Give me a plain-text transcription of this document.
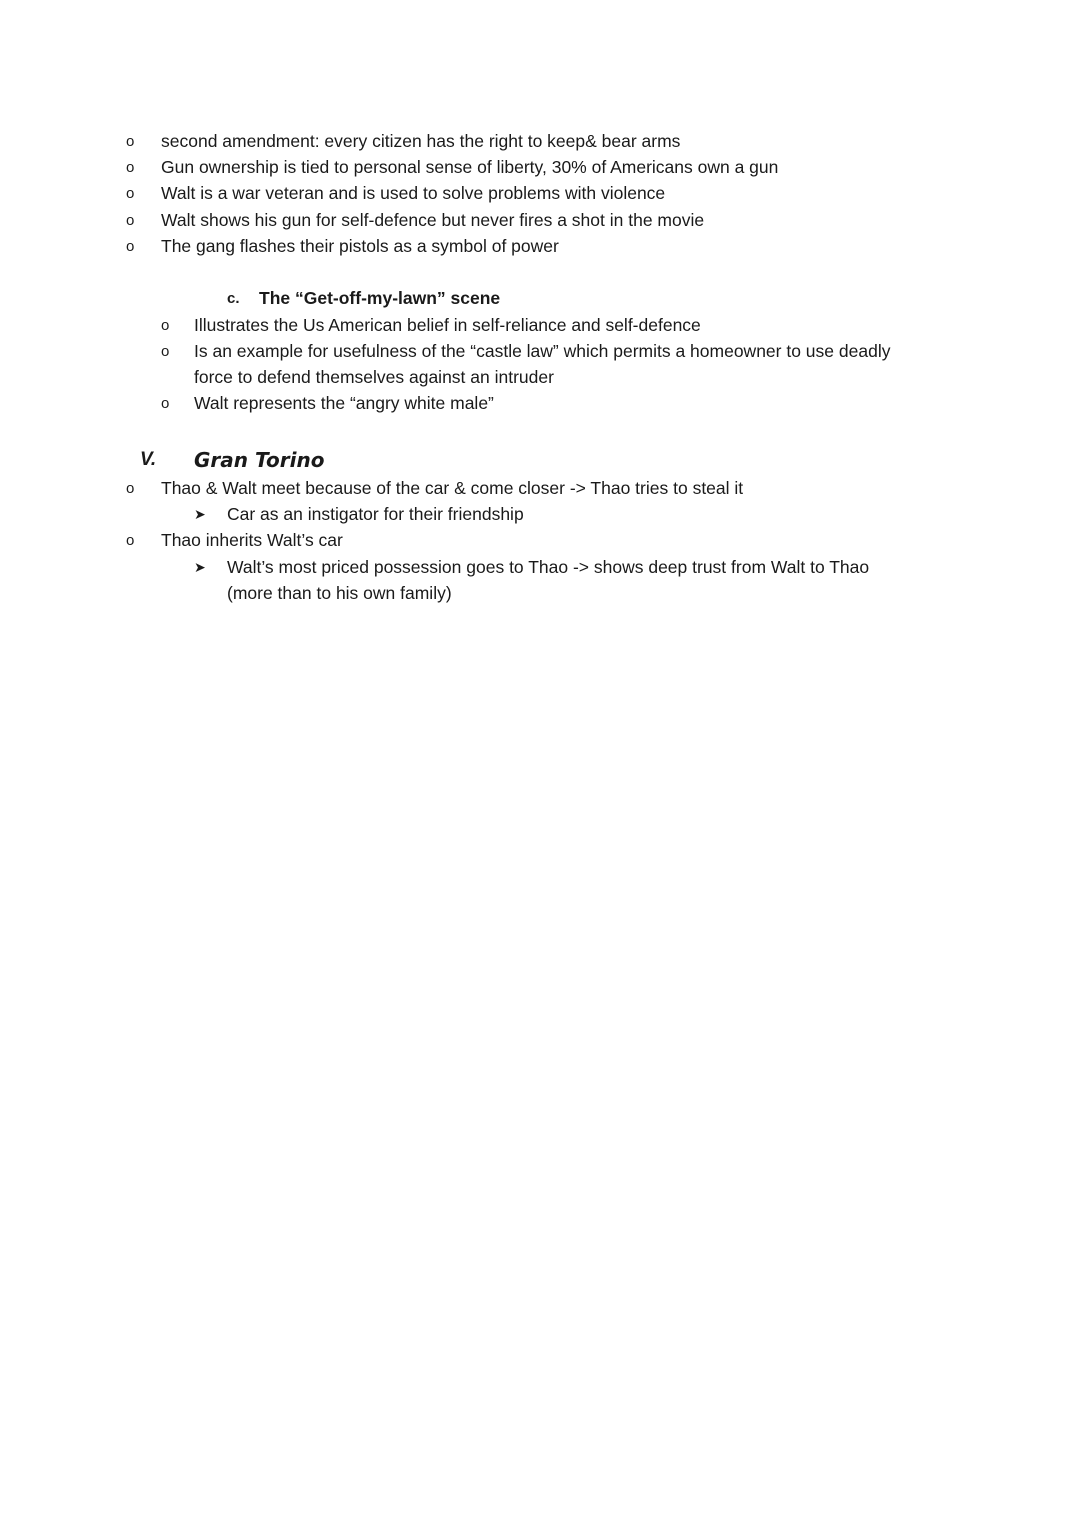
o second amendment: every citizen has the right to keep& bear arms
o Gun ownership is tied to personal sense of liberty, 30% of Americans own a gun
o Walt is a war veteran and is used to solve problems with violence
o Walt shows his gun for self-defence but never fires a shot in the movie
o The gang flashes their pistols as a symbol of power
c. The “Get-off-my-lawn” scene
o Illustrates the Us American belief in self-reliance and self-defence
o Is an example for usefulness of the “castle law” which permits a homeowner to use deadly
force to defend themselves against an intruder
o Walt represents the “angry white male”
V. Gran Torino
o Thao & Walt meet because of the car & come closer -> Thao tries to steal it
➤ Car as an instigator for their friendship
o Thao inherits Walt’s car
➤ Walt’s most priced possession goes to Thao -> shows deep trust from Walt to Thao
(more than to his own family)
